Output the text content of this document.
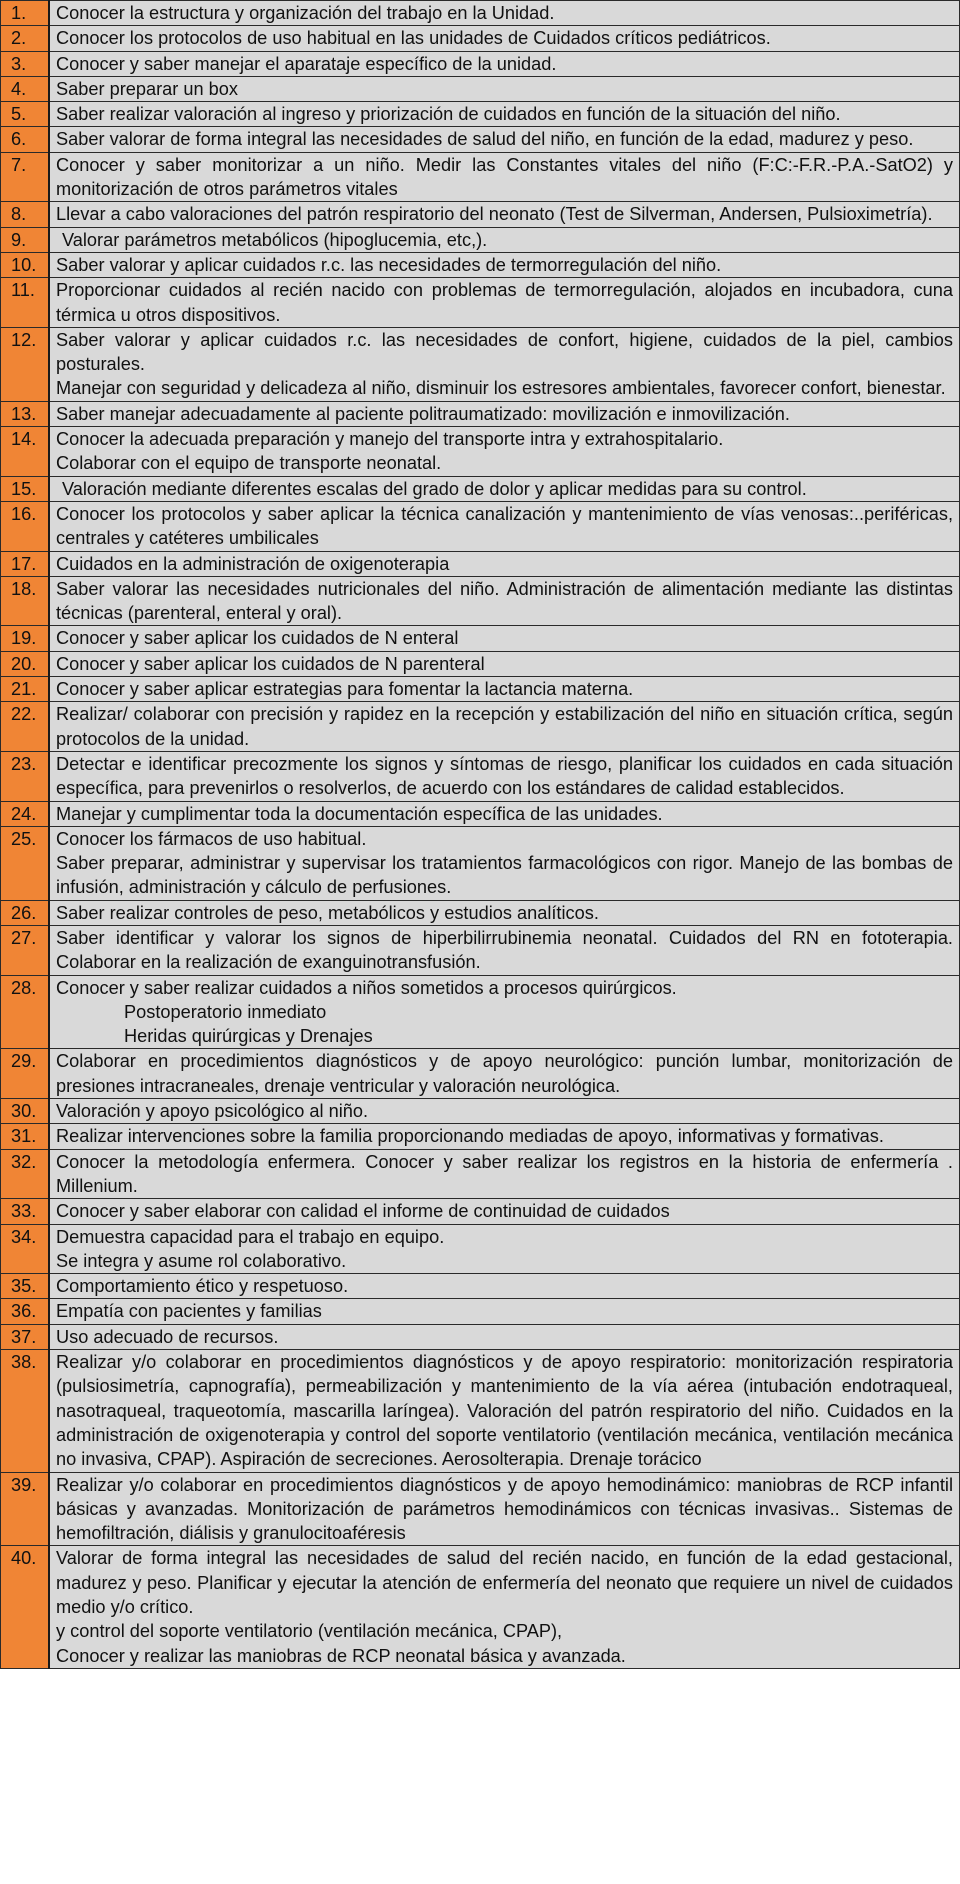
1.	Conocer la estructura y organización del trabajo en la Unidad.

2.	Conocer los protocolos de uso habitual en las unidades de Cuidados críticos pediátricos.

3.	Conocer y saber manejar el aparataje específico de la unidad.

4.	Saber preparar un box

5.	Saber realizar valoración al ingreso y priorización de cuidados en función de la situación del niño.

6.	Saber valorar de forma integral las necesidades de salud del niño, en función de la edad, madurez y peso.

7.	Conocer y saber monitorizar a un niño. Medir las Constantes vitales del niño (F:C:-F.R.-P.A.-SatO2) y monitorización de otros parámetros vitales

8.	Llevar a cabo valoraciones del patrón respiratorio del neonato (Test de Silverman, Andersen, Pulsioximetría).

9.	Valorar parámetros metabólicos (hipoglucemia, etc,).

10.	Saber valorar y aplicar cuidados r.c. las necesidades de termorregulación del niño.

11.	Proporcionar cuidados al recién nacido con problemas de termorregulación, alojados en incubadora, cuna térmica u otros dispositivos.

12.	Saber valorar y aplicar cuidados r.c. las necesidades de confort, higiene, cuidados de la piel, cambios posturales.
Manejar con seguridad y delicadeza al niño, disminuir los estresores ambientales, favorecer confort, bienestar.

13.	Saber manejar adecuadamente al paciente politraumatizado: movilización e inmovilización.

14.	Conocer la adecuada preparación y manejo del transporte intra y extrahospitalario.
Colaborar con el equipo de transporte neonatal.

15.	Valoración mediante diferentes escalas del grado de dolor y aplicar medidas para su control.

16.	Conocer los protocolos y saber aplicar la técnica canalización y mantenimiento de vías venosas:..periféricas, centrales y catéteres umbilicales

17.	Cuidados en la administración de oxigenoterapia

18.	Saber valorar las necesidades nutricionales del niño. Administración de alimentación mediante las distintas técnicas (parenteral, enteral y oral).

19.	Conocer y saber aplicar los cuidados de N enteral

20.	Conocer y saber aplicar los cuidados de N parenteral

21.	Conocer y saber aplicar estrategias para fomentar la lactancia materna.

22.	Realizar/ colaborar con precisión y rapidez en la recepción y estabilización del niño en situación crítica, según protocolos de la unidad.

23.	Detectar e identificar precozmente los signos y síntomas de riesgo, planificar los cuidados en cada situación específica, para prevenirlos o resolverlos, de acuerdo con los estándares de calidad establecidos.

24.	Manejar y cumplimentar toda la documentación específica de las unidades.

25.	Conocer los fármacos de uso habitual.
Saber preparar, administrar y supervisar los tratamientos farmacológicos con rigor. Manejo de las bombas de infusión, administración y cálculo de perfusiones.

26.	Saber realizar controles de peso, metabólicos y estudios analíticos.

27.	Saber identificar y valorar los signos de hiperbilirrubinemia neonatal. Cuidados del RN en fototerapia. Colaborar en la realización de exanguinotransfusión.

28.	Conocer y saber realizar cuidados a niños sometidos a procesos quirúrgicos.
Postoperatorio inmediato
Heridas quirúrgicas y Drenajes

29.	Colaborar en procedimientos diagnósticos y de apoyo neurológico: punción lumbar, monitorización de presiones intracraneales, drenaje ventricular y valoración neurológica.

30.	Valoración y apoyo psicológico al niño.

31.	Realizar intervenciones sobre la familia proporcionando mediadas de apoyo, informativas y formativas.

32.	Conocer la metodología enfermera. Conocer y saber realizar los registros en la historia de enfermería . Millenium.

33.	Conocer y saber elaborar con calidad el informe de continuidad de cuidados

34.	Demuestra capacidad para el trabajo en equipo.
Se integra y asume rol colaborativo.

35.	Comportamiento ético y respetuoso.

36.	Empatía con pacientes y familias

37.	Uso adecuado de recursos.

38.	Realizar y/o colaborar en procedimientos diagnósticos y de apoyo respiratorio: monitorización respiratoria (pulsiosimetría, capnografía), permeabilización y mantenimiento de la vía aérea (intubación endotraqueal, nasotraqueal, traqueotomía, mascarilla laríngea). Valoración del patrón respiratorio del niño. Cuidados en la administración de oxigenoterapia y control del soporte ventilatorio (ventilación mecánica, ventilación mecánica no invasiva, CPAP). Aspiración de secreciones. Aerosolterapia. Drenaje torácico

39.	Realizar y/o colaborar en procedimientos diagnósticos y de apoyo hemodinámico: maniobras de RCP infantil básicas y avanzadas. Monitorización de parámetros hemodinámicos con técnicas invasivas.. Sistemas de hemofiltración, diálisis y granulocitoaféresis

40.	Valorar de forma integral las necesidades de salud del recién nacido, en función de la edad gestacional, madurez y peso. Planificar y ejecutar la atención de enfermería del neonato que requiere un nivel de cuidados medio y/o crítico.
y control del soporte ventilatorio (ventilación mecánica, CPAP),
Conocer y realizar las maniobras de RCP neonatal básica y avanzada.
